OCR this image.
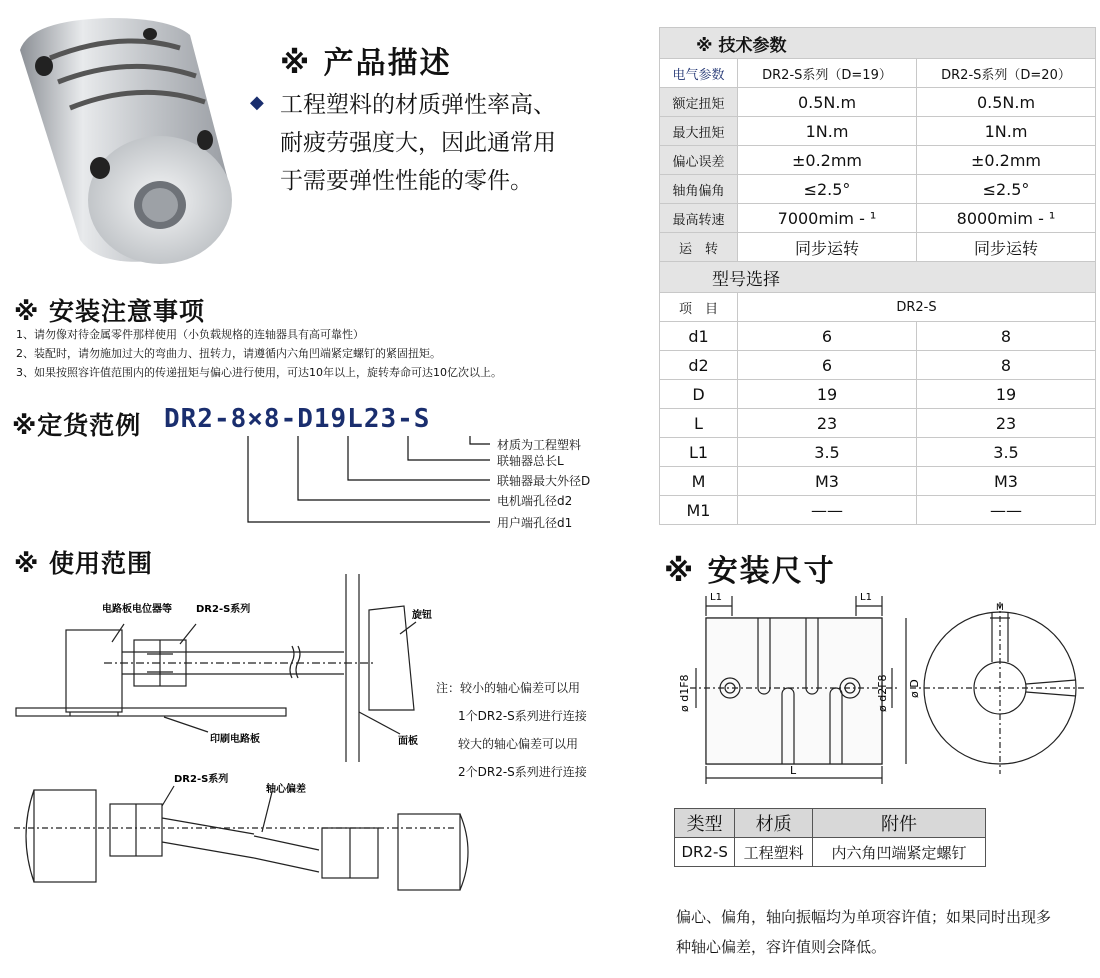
※ 产品描述
◆ 工程塑料的材质弹性率高、
耐疲劳强度大，因此通常用
于需要弹性性能的零件。
※ 安装注意事项
1、请勿像对待金属零件那样使用（小负载规格的连轴器具有高可靠性）
2、装配时，请勿施加过大的弯曲力、扭转力，请遵循内六角凹端紧定螺钉的紧固扭矩。
3、如果按照容许值范围内的传递扭矩与偏心进行使用，可达10年以上，旋转寿命可达10亿次以上。
※定货范例 DR2-8×8-D19L23-S
材质为工程塑料
联轴器总长L
联轴器最大外径D
电机端孔径d2
用户端孔径d1
※ 使用范围
电路板电位器等 DR2-S系列
旋钮
印刷电路板	面板
DR2-S系列
轴心偏差
注：较小的轴心偏差可以用
1个DR2-S系列进行连接
较大的轴心偏差可以用
2个DR2-S系列进行连接
※ 技术参数		
电气参数	DR2-S系列（D=19）	DR2-S系列（D=20）
额定扭矩	0.5N.m	0.5N.m
最大扭矩	1N.m	1N.m
偏心误差	±0.2mm	±0.2mm
轴角偏角	≤2.5°	≤2.5°
最高转速	7000mim - ¹	8000mim - ¹
运　转	同步运转	同步运转
型号选择		
项　目	DR2-S	
d1	6	8
d2	6	8
D	19	19
L	23	23
L1	3.5	3.5
M	M3	M3
M1	——	——
※ 安装尺寸
L1	L1
L
M
ø d1F8	ø d2F8 ø D
类型	材质	附件
DR2-S	工程塑料	内六角凹端紧定螺钉
偏心、偏角，轴向振幅均为单项容许值；如果同时出现多
种轴心偏差，容许值则会降低。
